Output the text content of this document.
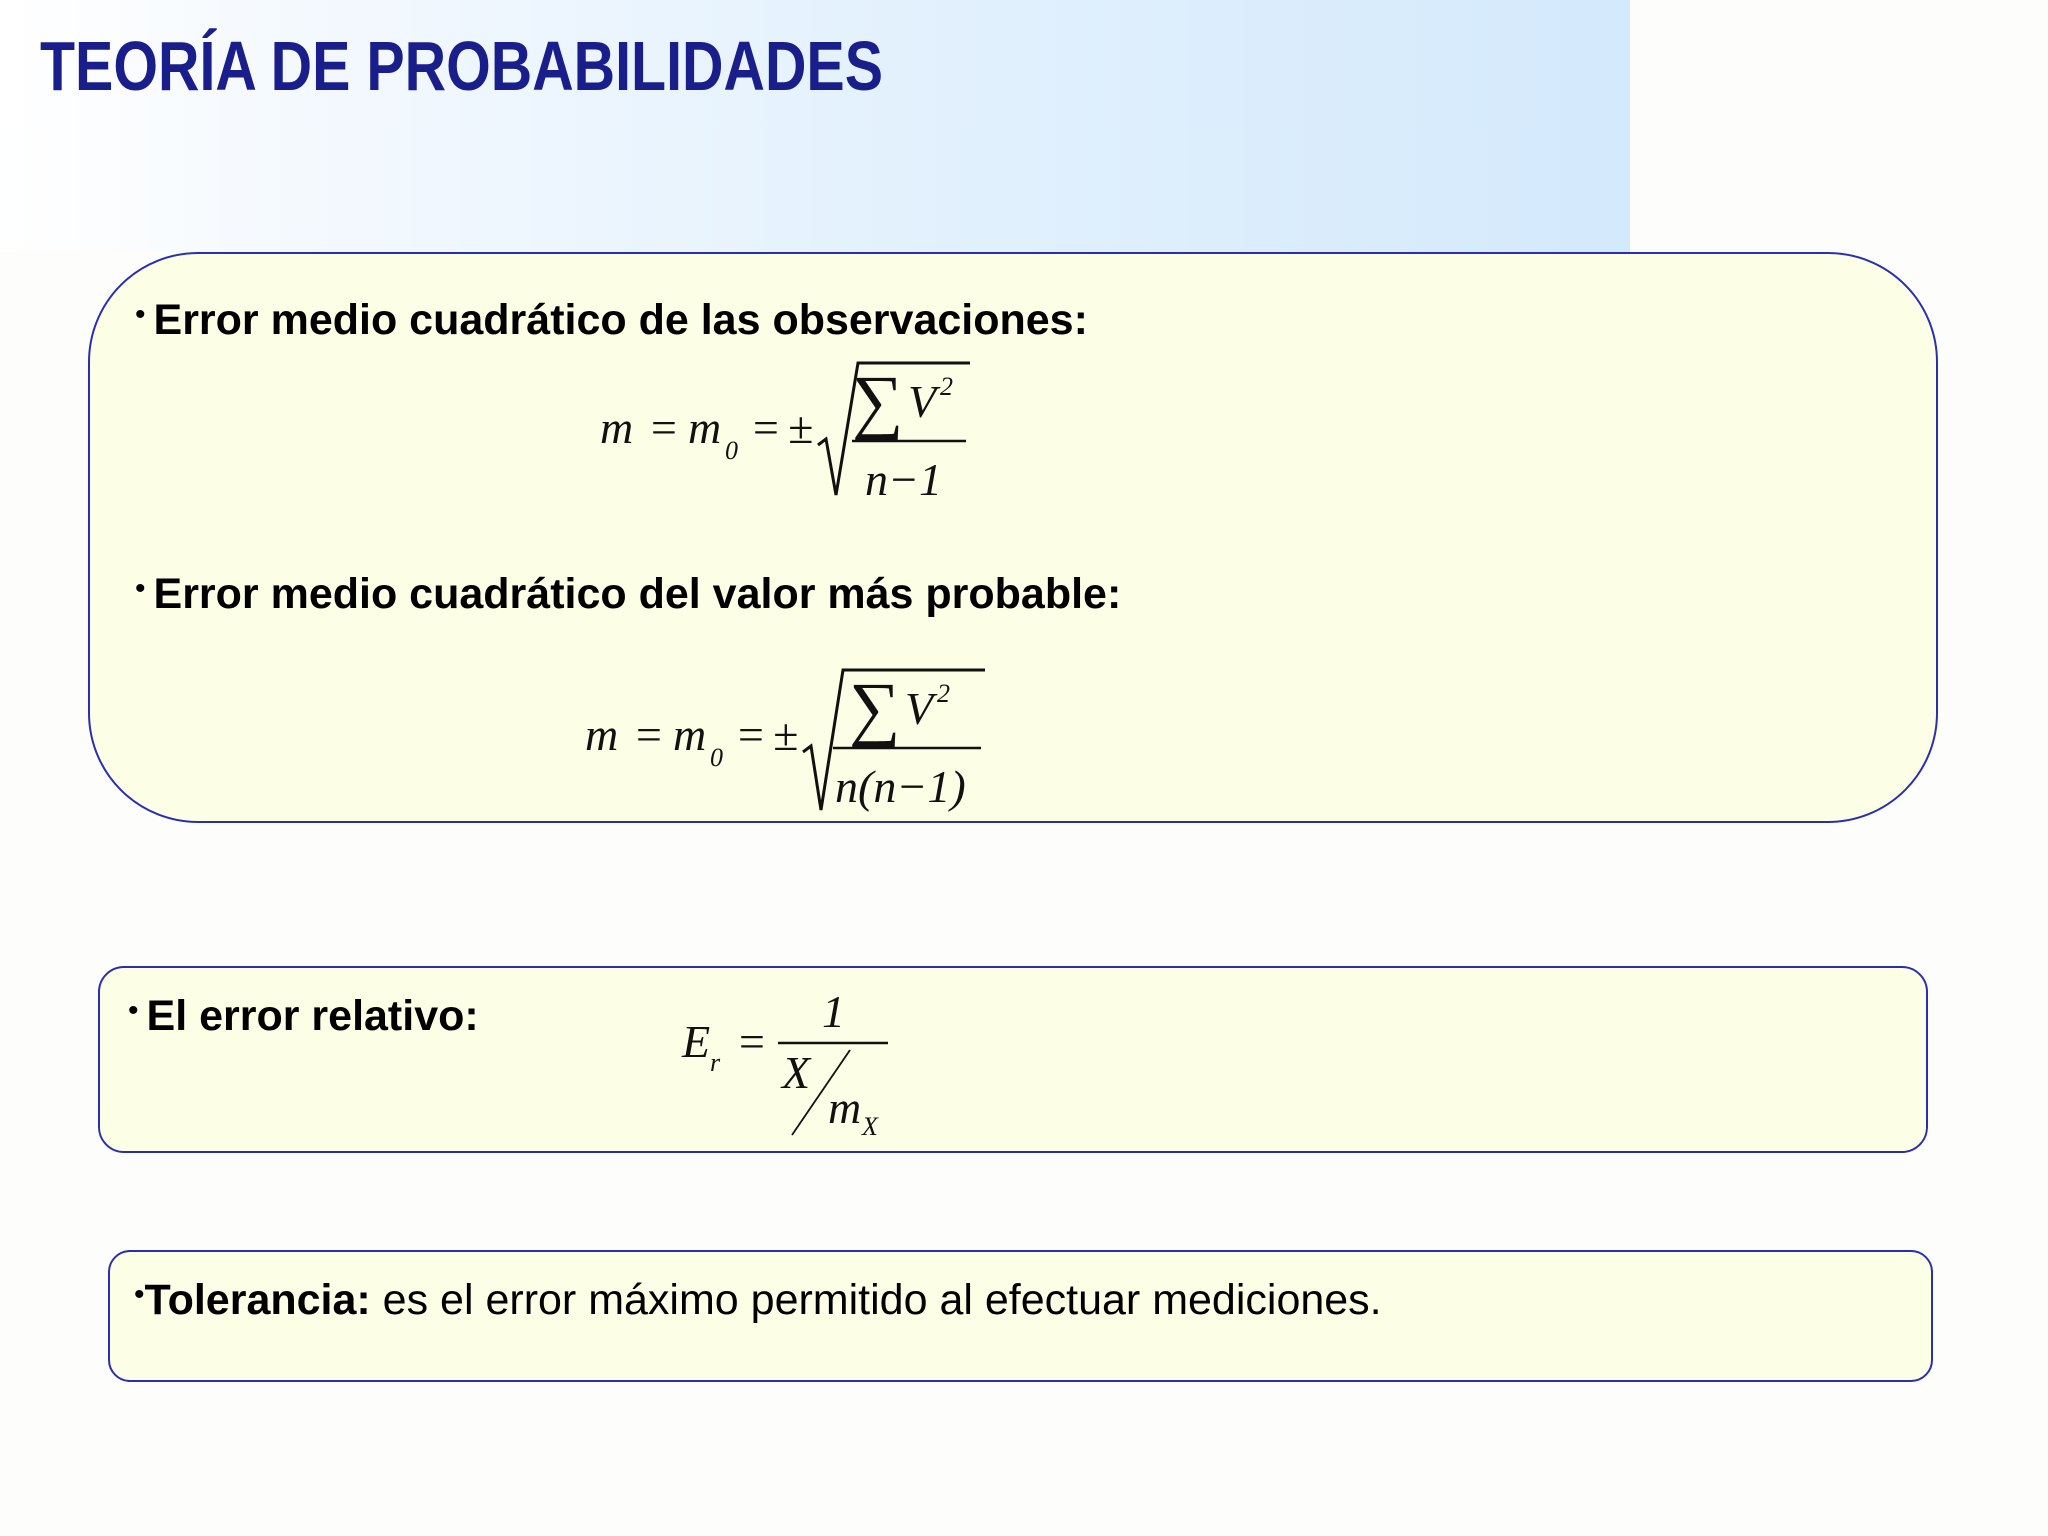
TEORÍA DE PROBABILIDADES

• Error medio cuadrático de las observaciones:

m = m 0 = ± ∑ V 2
n−1

• Error medio cuadrático del valor más probable:

m = m 0 = ± ∑ V 2
n(n−1)

• El error relativo:	E r =
1
X
m X

•Tolerancia: es el error máximo permitido al efectuar mediciones.
